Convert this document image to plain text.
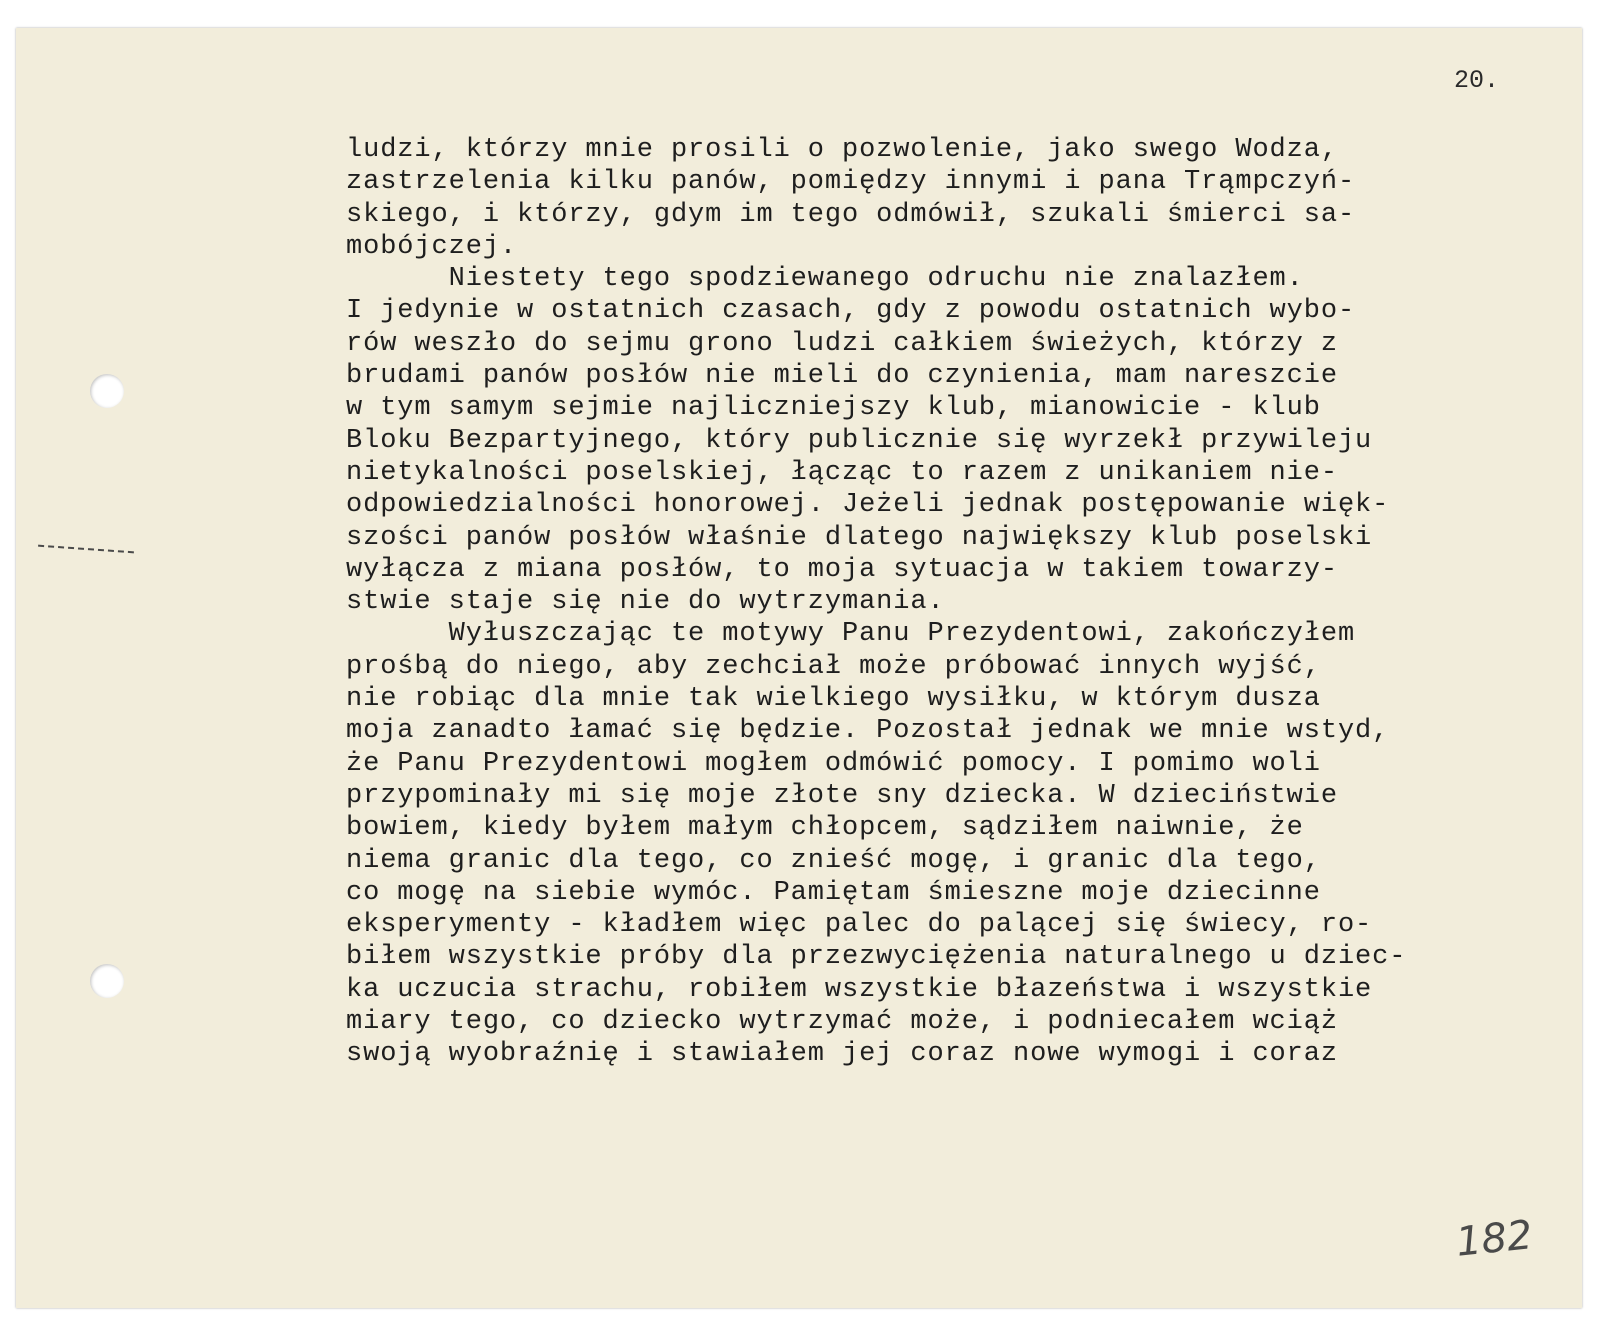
20.

ludzi, którzy mnie prosili o pozwolenie, jako swego Wodza,
zastrzelenia kilku panów, pomiędzy innymi i pana Trąmpczyń-
skiego, i którzy, gdym im tego odmówił, szukali śmierci sa-
mobójczej.
Niestety tego spodziewanego odruchu nie znalazłem.
I jedynie w ostatnich czasach, gdy z powodu ostatnich wybo-
rów weszło do sejmu grono ludzi całkiem świeżych, którzy z
brudami panów posłów nie mieli do czynienia, mam nareszcie
w tym samym sejmie najliczniejszy klub, mianowicie - klub
Bloku Bezpartyjnego, który publicznie się wyrzekł przywileju
nietykalności poselskiej, łącząc to razem z unikaniem nie-
odpowiedzialności honorowej. Jeżeli jednak postępowanie więk-
szości panów posłów właśnie dlatego największy klub poselski
wyłącza z miana posłów, to moja sytuacja w takiem towarzy-
stwie staje się nie do wytrzymania.
Wyłuszczając te motywy Panu Prezydentowi, zakończyłem
prośbą do niego, aby zechciał może próbować innych wyjść,
nie robiąc dla mnie tak wielkiego wysiłku, w którym dusza
moja zanadto łamać się będzie. Pozostał jednak we mnie wstyd,
że Panu Prezydentowi mogłem odmówić pomocy. I pomimo woli
przypominały mi się moje złote sny dziecka. W dzieciństwie
bowiem, kiedy byłem małym chłopcem, sądziłem naiwnie, że
niema granic dla tego, co znieść mogę, i granic dla tego,
co mogę na siebie wymóc. Pamiętam śmieszne moje dziecinne
eksperymenty - kładłem więc palec do palącej się świecy, ro-
biłem wszystkie próby dla przezwyciężenia naturalnego u dziec-
ka uczucia strachu, robiłem wszystkie błazeństwa i wszystkie
miary tego, co dziecko wytrzymać może, i podniecałem wciąż
swoją wyobraźnię i stawiałem jej coraz nowe wymogi i coraz
182
